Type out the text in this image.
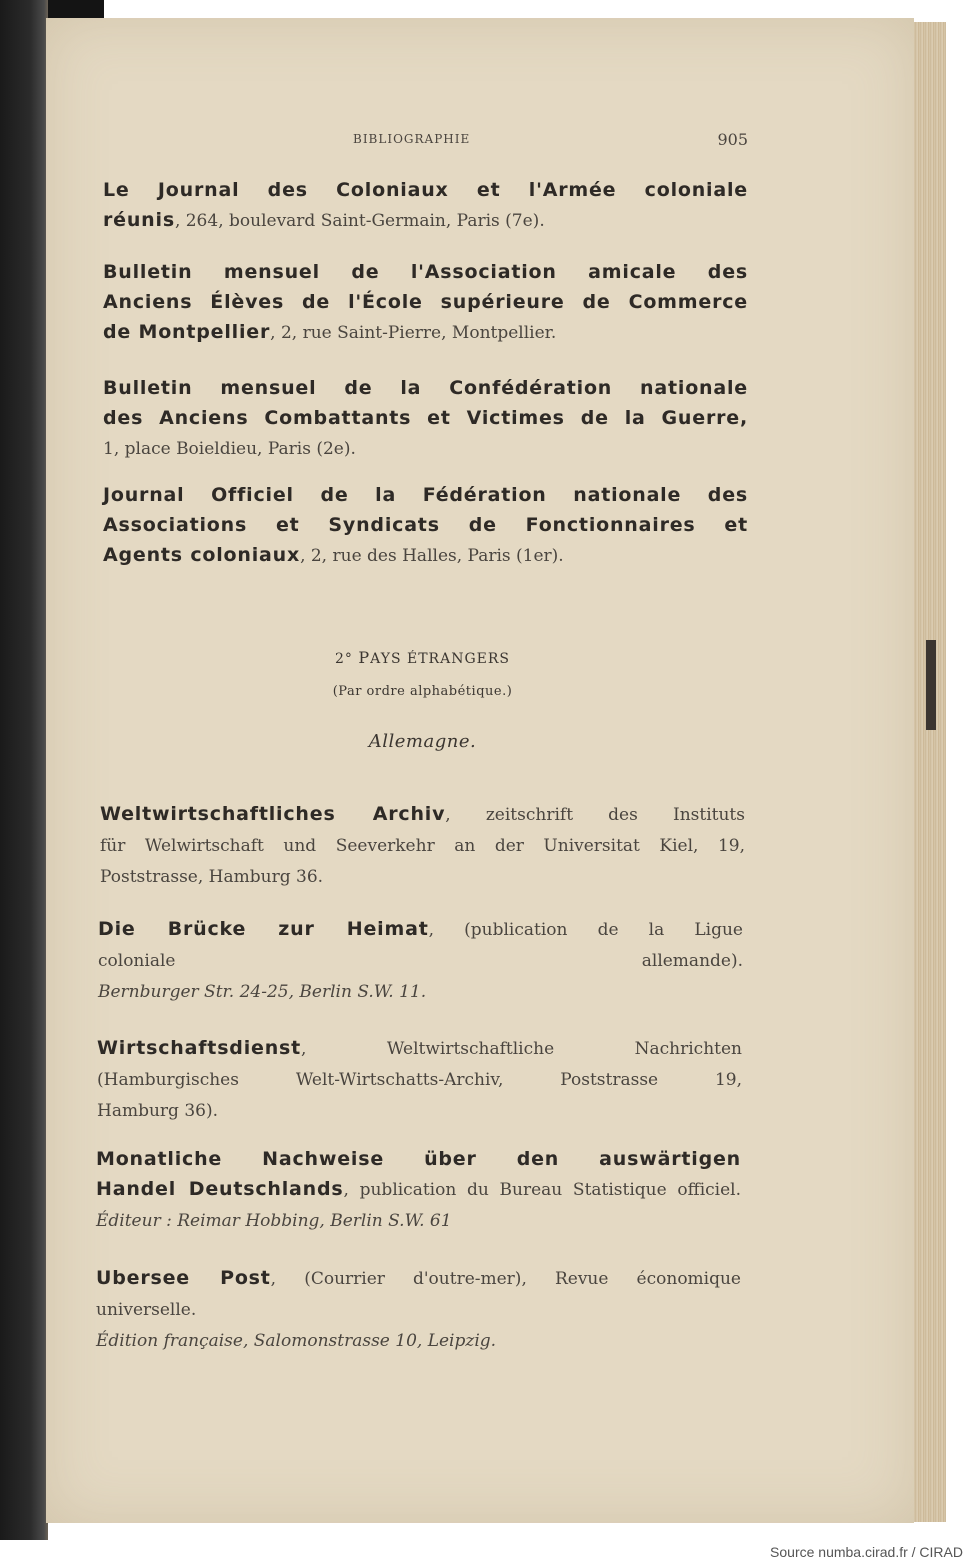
BIBLIOGRAPHIE	905
Le Journal des Coloniaux et l'Armée coloniale
réunis, 264, boulevard Saint-Germain, Paris (7e).
Bulletin mensuel de l'Association amicale des
Anciens Élèves de l'École supérieure de Commerce
de Montpellier, 2, rue Saint-Pierre, Montpellier.
Bulletin mensuel de la Confédération nationale
des Anciens Combattants et Victimes de la Guerre,
1, place Boieldieu, Paris (2e).
Journal Officiel de la Fédération nationale des
Associations et Syndicats de Fonctionnaires et
Agents coloniaux, 2, rue des Halles, Paris (1er).
2° PAYS ÉTRANGERS
(Par ordre alphabétique.)
Allemagne.
Weltwirtschaftliches Archiv, zeitschrift des Instituts
für Welwirtschaft und Seeverkehr an der Universitat Kiel, 19,
Poststrasse, Hamburg 36.
Die Brücke zur Heimat, (publication de la Ligue
coloniale allemande).
Bernburger Str. 24-25, Berlin S.W. 11.
Wirtschaftsdienst, Weltwirtschaftliche Nachrichten
(Hamburgisches Welt-Wirtschatts-Archiv, Poststrasse 19,
Hamburg 36).
Monatliche Nachweise über den auswärtigen
Handel Deutschlands, publication du Bureau Statistique officiel.
Éditeur : Reimar Hobbing, Berlin S.W. 61
Ubersee Post, (Courrier d'outre-mer), Revue économique
universelle.
Édition française, Salomonstrasse 10, Leipzig.
Source numba.cirad.fr / CIRAD
